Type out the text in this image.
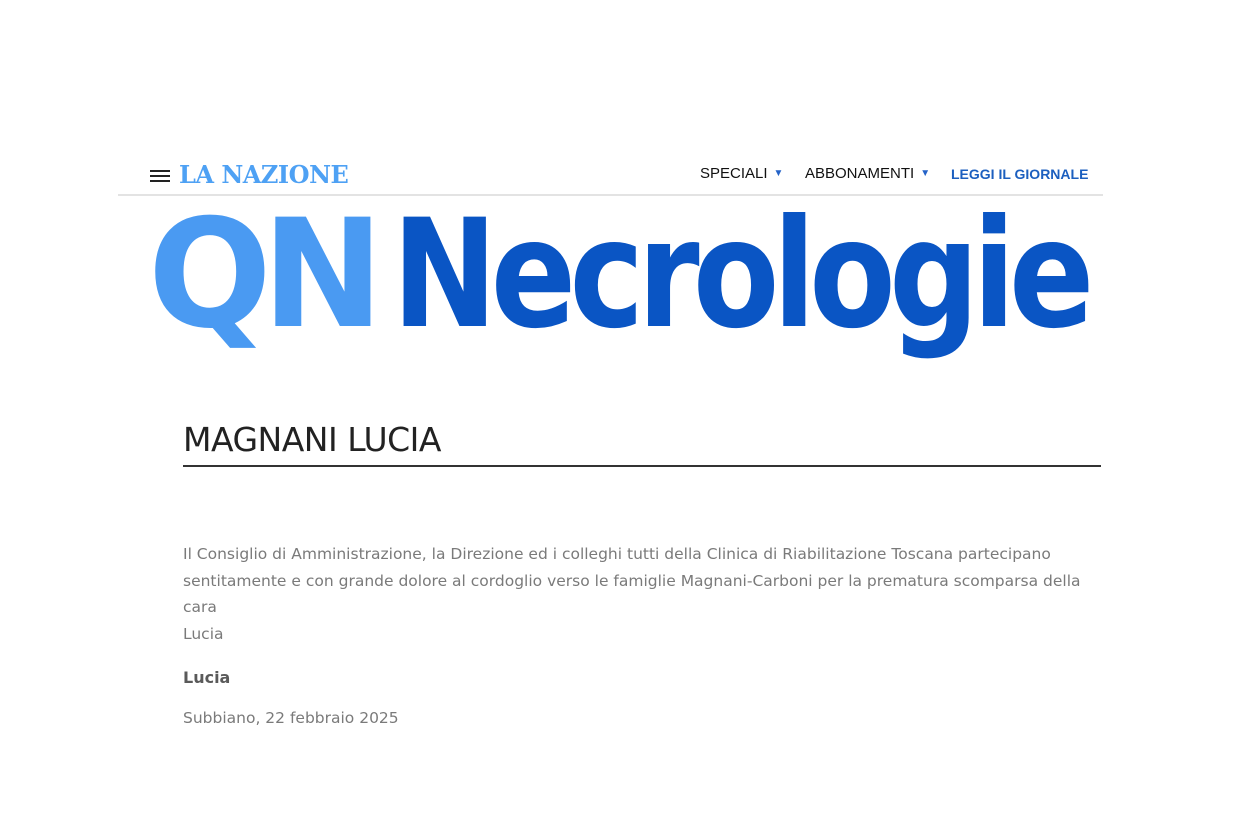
LA NAZIONE	SPECIALI ▼ ABBONAMENTI ▼ LEGGI IL GIORNALE
QN Necrologie
MAGNANI LUCIA
Il Consiglio di Amministrazione, la Direzione ed i colleghi tutti della Clinica di Riabilitazione Toscana partecipano
sentitamente e con grande dolore al cordoglio verso le famiglie Magnani-Carboni per la prematura scomparsa della
cara
Lucia
Lucia
Subbiano, 22 febbraio 2025
